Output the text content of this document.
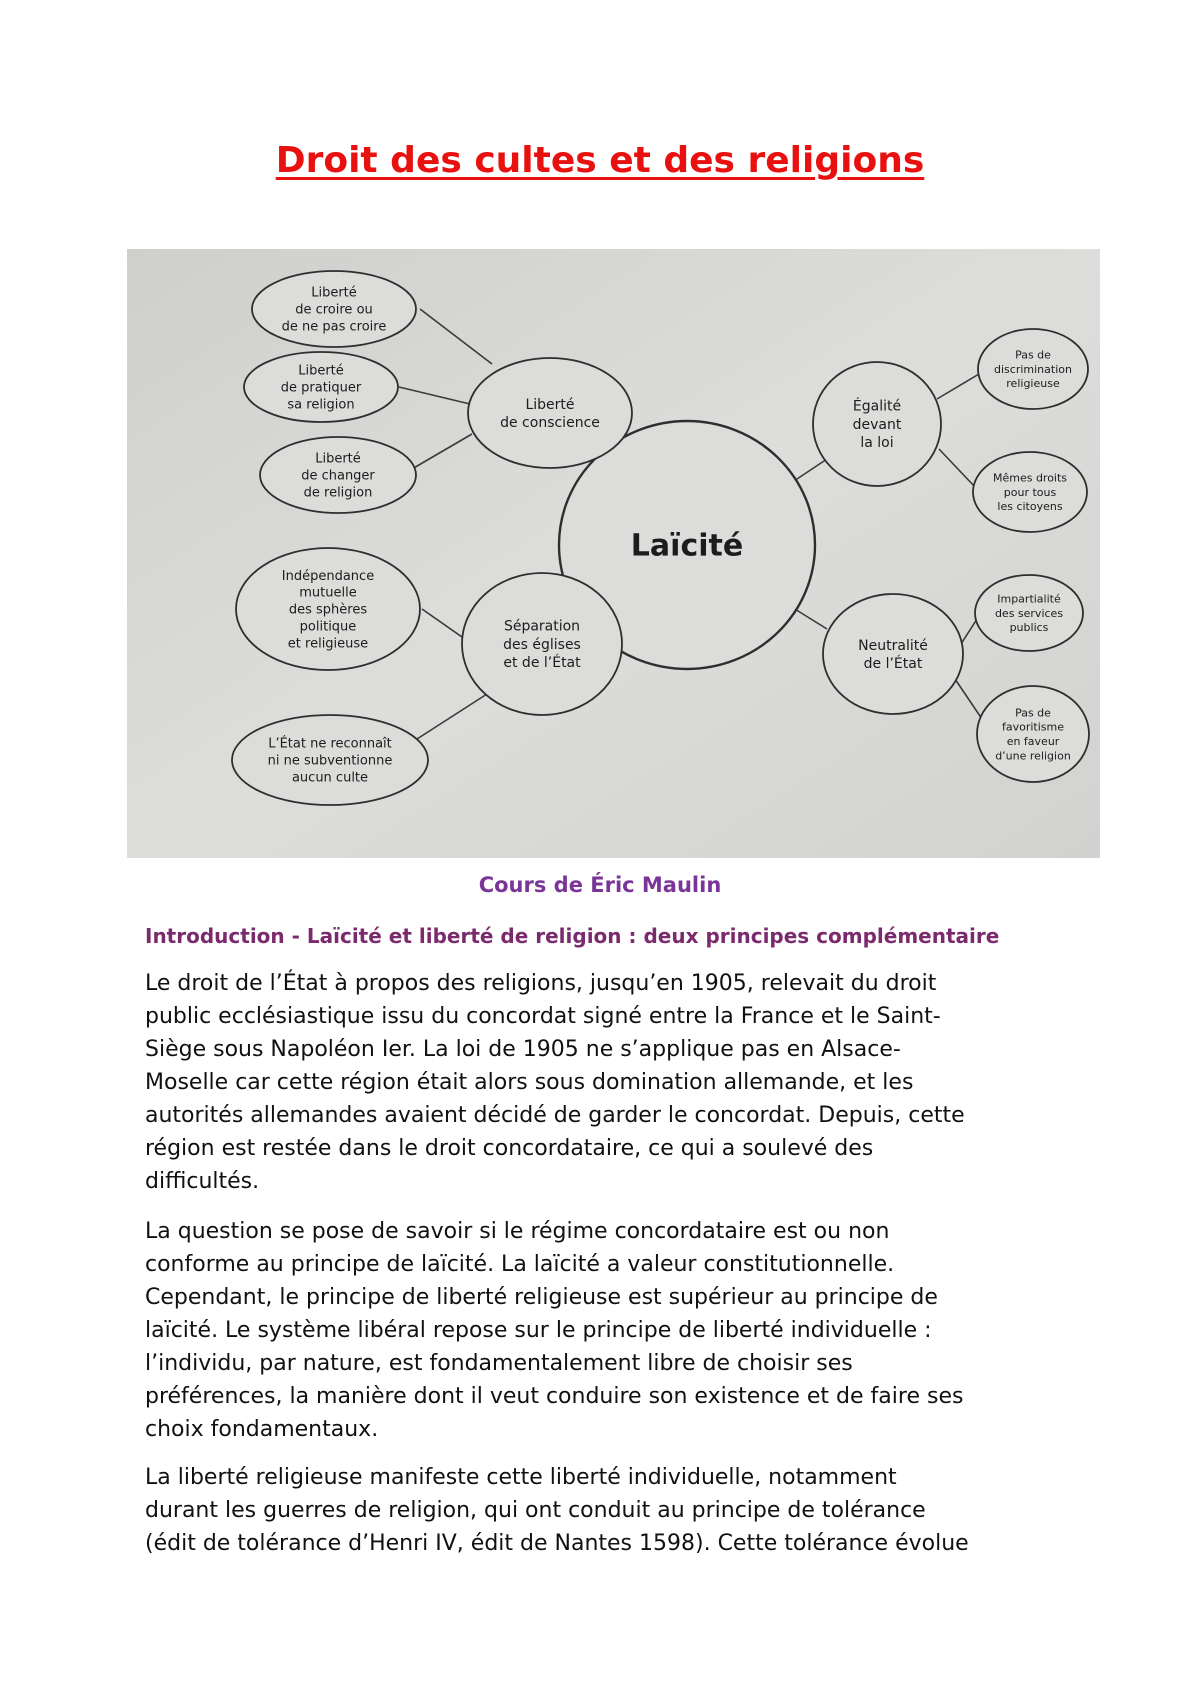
Droit des cultes et des religions
Laïcité
Liberté
de conscience
Séparation
des églises
et de l’État
Égalité
devant
la loi
Neutralité
de l’État
Liberté
de croire ou
de ne pas croire
Liberté
de pratiquer
sa religion
Liberté
de changer
de religion
Indépendance
mutuelle
des sphères
politique
et religieuse
L’État ne reconnaît
ni ne subventionne
aucun culte
Pas de
discrimination
religieuse
Mêmes droits
pour tous
les citoyens
Impartialité
des services
publics
Pas de
favoritisme
en faveur
d’une religion
Cours de Éric Maulin
Introduction - Laïcité et liberté de religion : deux principes complémentaire

Le droit de l’État à propos des religions, jusqu’en 1905, relevait du droit
public ecclésiastique issu du concordat signé entre la France et le Saint-
Siège sous Napoléon Ier. La loi de 1905 ne s’applique pas en Alsace-
Moselle car cette région était alors sous domination allemande, et les
autorités allemandes avaient décidé de garder le concordat. Depuis, cette
région est restée dans le droit concordataire, ce qui a soulevé des
difficultés.

La question se pose de savoir si le régime concordataire est ou non
conforme au principe de laïcité. La laïcité a valeur constitutionnelle.
Cependant, le principe de liberté religieuse est supérieur au principe de
laïcité. Le système libéral repose sur le principe de liberté individuelle :
l’individu, par nature, est fondamentalement libre de choisir ses
préférences, la manière dont il veut conduire son existence et de faire ses
choix fondamentaux.

La liberté religieuse manifeste cette liberté individuelle, notamment
durant les guerres de religion, qui ont conduit au principe de tolérance
(édit de tolérance d’Henri IV, édit de Nantes 1598). Cette tolérance évolue
